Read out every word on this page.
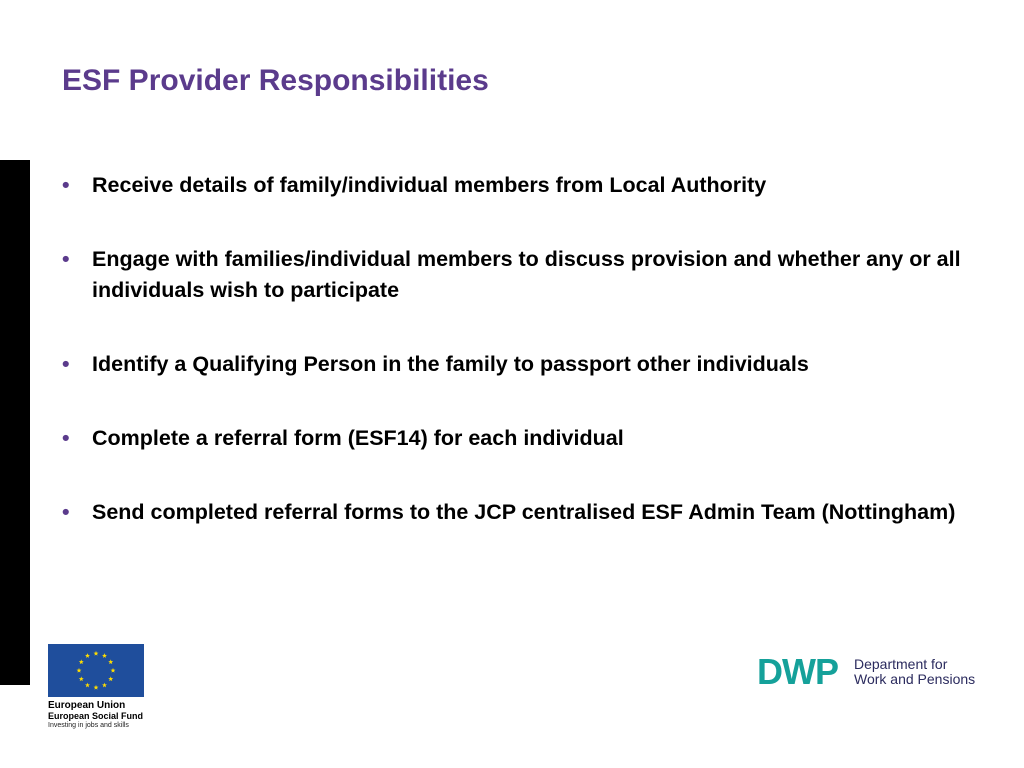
ESF Provider Responsibilities
• Receive details of family/individual members from Local Authority
• Engage with families/individual members to discuss provision and whether any or all individuals wish to participate
• Identify a Qualifying Person in the family to passport other individuals
• Complete a referral form (ESF14) for each individual
• Send completed referral forms to the JCP centralised ESF Admin Team (Nottingham)
European Union
European Social Fund
Investing in jobs and skills
DWP Department for
Work and Pensions
